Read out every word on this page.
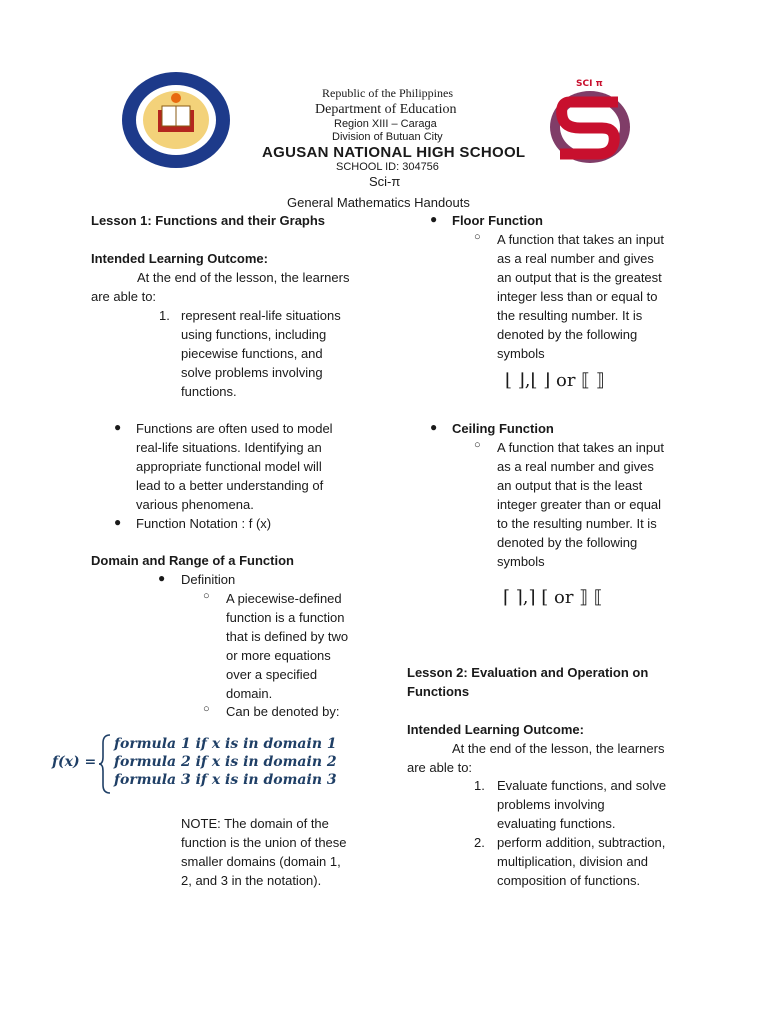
Republic of the Philippines
Department of Education
Region XIII – Caraga
Division of Butuan City
AGUSAN NATIONAL HIGH SCHOOL
SCHOOL ID: 304756
Sci-π
SCI π
General Mathematics Handouts
Lesson 1: Functions and their Graphs
Intended Learning Outcome:
At the end of the lesson, the learners
are able to:
1. represent real-life situations
using functions, including
piecewise functions, and
solve problems involving
functions.
● Functions are often used to model
real-life situations. Identifying an
appropriate functional model will
lead to a better understanding of
various phenomena.
● Function Notation : f (x)
Domain and Range of a Function
● Definition
○ A piecewise-defined
function is a function
that is defined by two
or more equations
over a specified
domain.
○ Can be denoted by:
f(x) =
formula 1 if x is in domain 1
formula 2 if x is in domain 2
formula 3 if x is in domain 3
NOTE: The domain of the
function is the union of these
smaller domains (domain 1,
2, and 3 in the notation).
● Floor Function
○ A function that takes an input
as a real number and gives
an output that is the greatest
integer less than or equal to
the resulting number. It is
denoted by the following
symbols
⌊ ⌋,⌊ ⌋ or ⟦ ⟧
● Ceiling Function
○ A function that takes an input
as a real number and gives
an output that is the least
integer greater than or equal
to the resulting number. It is
denoted by the following
symbols
⌈ ⌉,⌉ [ or ⟧ ⟦
Lesson 2: Evaluation and Operation on
Functions
Intended Learning Outcome:
At the end of the lesson, the learners
are able to:
1. Evaluate functions, and solve
problems involving
evaluating functions.
2. perform addition, subtraction,
multiplication, division and
composition of functions.
